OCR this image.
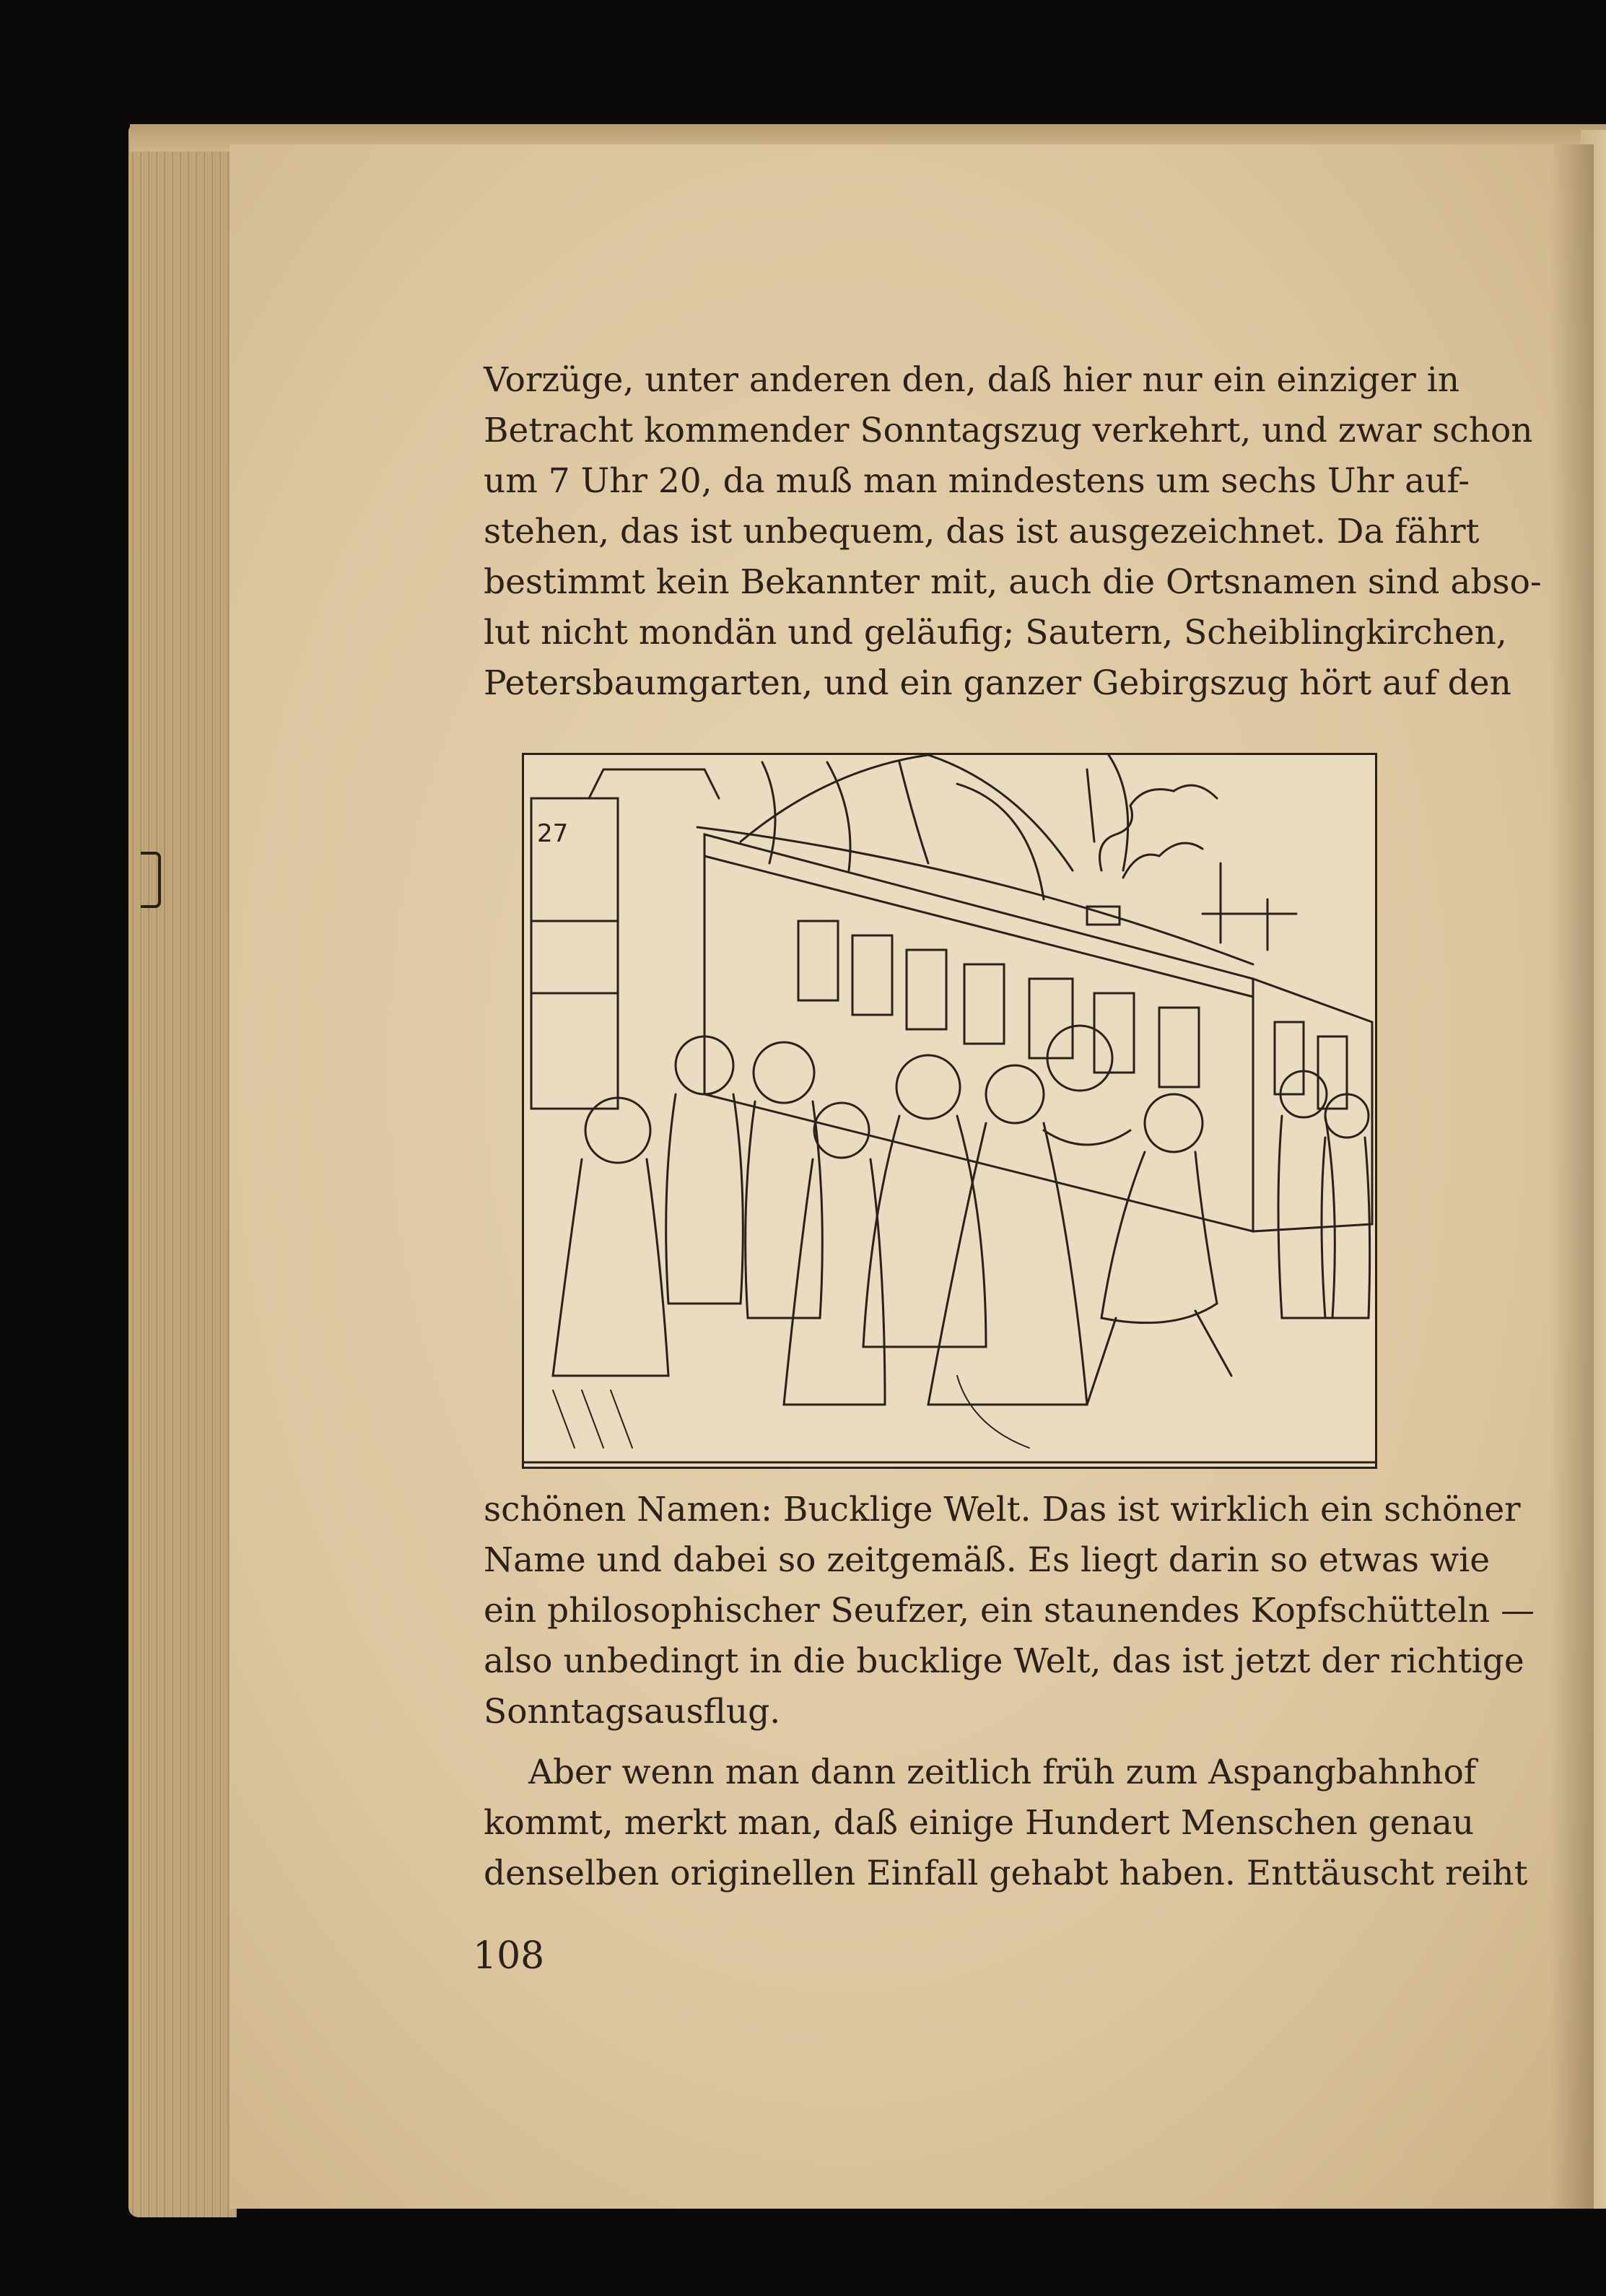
Vorzüge, unter anderen den, daß hier nur ein einziger in
Betracht kommender Sonntagszug verkehrt, und zwar schon
um 7 Uhr 20, da muß man mindestens um sechs Uhr auf-
stehen, das ist unbequem, das ist ausgezeichnet. Da fährt
bestimmt kein Bekannter mit, auch die Ortsnamen sind abso-
lut nicht mondän und geläufig; Sautern, Scheiblingkirchen,
Petersbaumgarten, und ein ganzer Gebirgszug hört auf den
27
schönen Namen: Bucklige Welt. Das ist wirklich ein schöner
Name und dabei so zeitgemäß. Es liegt darin so etwas wie
ein philosophischer Seufzer, ein staunendes Kopfschütteln —
also unbedingt in die bucklige Welt, das ist jetzt der richtige
Sonntagsausflug.
Aber wenn man dann zeitlich früh zum Aspangbahnhof
kommt, merkt man, daß einige Hundert Menschen genau
denselben originellen Einfall gehabt haben. Enttäuscht reiht
108
